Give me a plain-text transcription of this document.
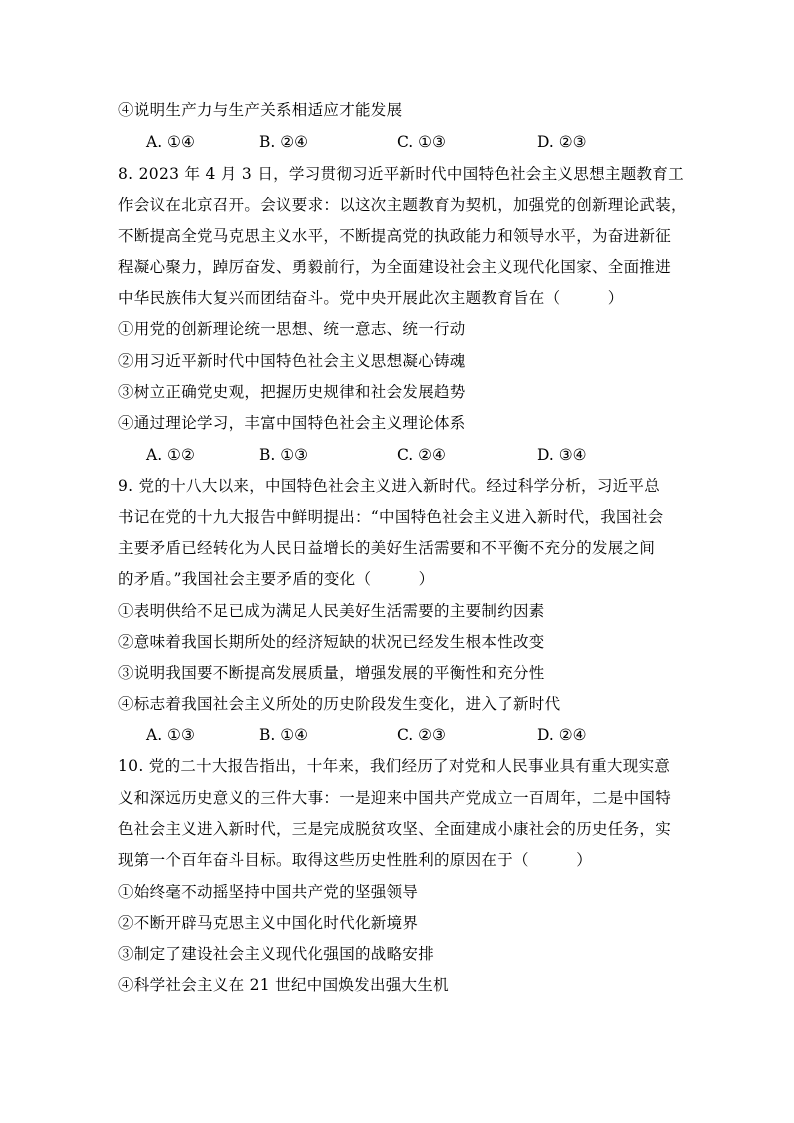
④说明生产力与生产关系相适应才能发展
A. ①④	B. ②④	C. ①③	D. ②③
8. 2023 年 4 月 3 日，学习贯彻习近平新时代中国特色社会主义思想主题教育工
作会议在北京召开。会议要求：以这次主题教育为契机，加强党的创新理论武装，
不断提高全党马克思主义水平，不断提高党的执政能力和领导水平，为奋进新征
程凝心聚力，踔厉奋发、勇毅前行，为全面建设社会主义现代化国家、全面推进
中华民族伟大复兴而团结奋斗。党中央开展此次主题教育旨在（　　　）
①用党的创新理论统一思想、统一意志、统一行动
②用习近平新时代中国特色社会主义思想凝心铸魂
③树立正确党史观，把握历史规律和社会发展趋势
④通过理论学习，丰富中国特色社会主义理论体系
A. ①②	B. ①③	C. ②④	D. ③④
9. 党的十八大以来，中国特色社会主义进入新时代。经过科学分析，习近平总
书记在党的十九大报告中鲜明提出：“中国特色社会主义进入新时代，我国社会
主要矛盾已经转化为人民日益增长的美好生活需要和不平衡不充分的发展之间
的矛盾。”我国社会主要矛盾的变化（　　　）
①表明供给不足已成为满足人民美好生活需要的主要制约因素
②意味着我国长期所处的经济短缺的状况已经发生根本性改变
③说明我国要不断提高发展质量，增强发展的平衡性和充分性
④标志着我国社会主义所处的历史阶段发生变化，进入了新时代
A. ①③	B. ①④	C. ②③	D. ②④
10. 党的二十大报告指出，十年来，我们经历了对党和人民事业具有重大现实意
义和深远历史意义的三件大事：一是迎来中国共产党成立一百周年，二是中国特
色社会主义进入新时代，三是完成脱贫攻坚、全面建成小康社会的历史任务，实
现第一个百年奋斗目标。取得这些历史性胜利的原因在于（　　　）
①始终毫不动摇坚持中国共产党的坚强领导
②不断开辟马克思主义中国化时代化新境界
③制定了建设社会主义现代化强国的战略安排
④科学社会主义在 21 世纪中国焕发出强大生机
